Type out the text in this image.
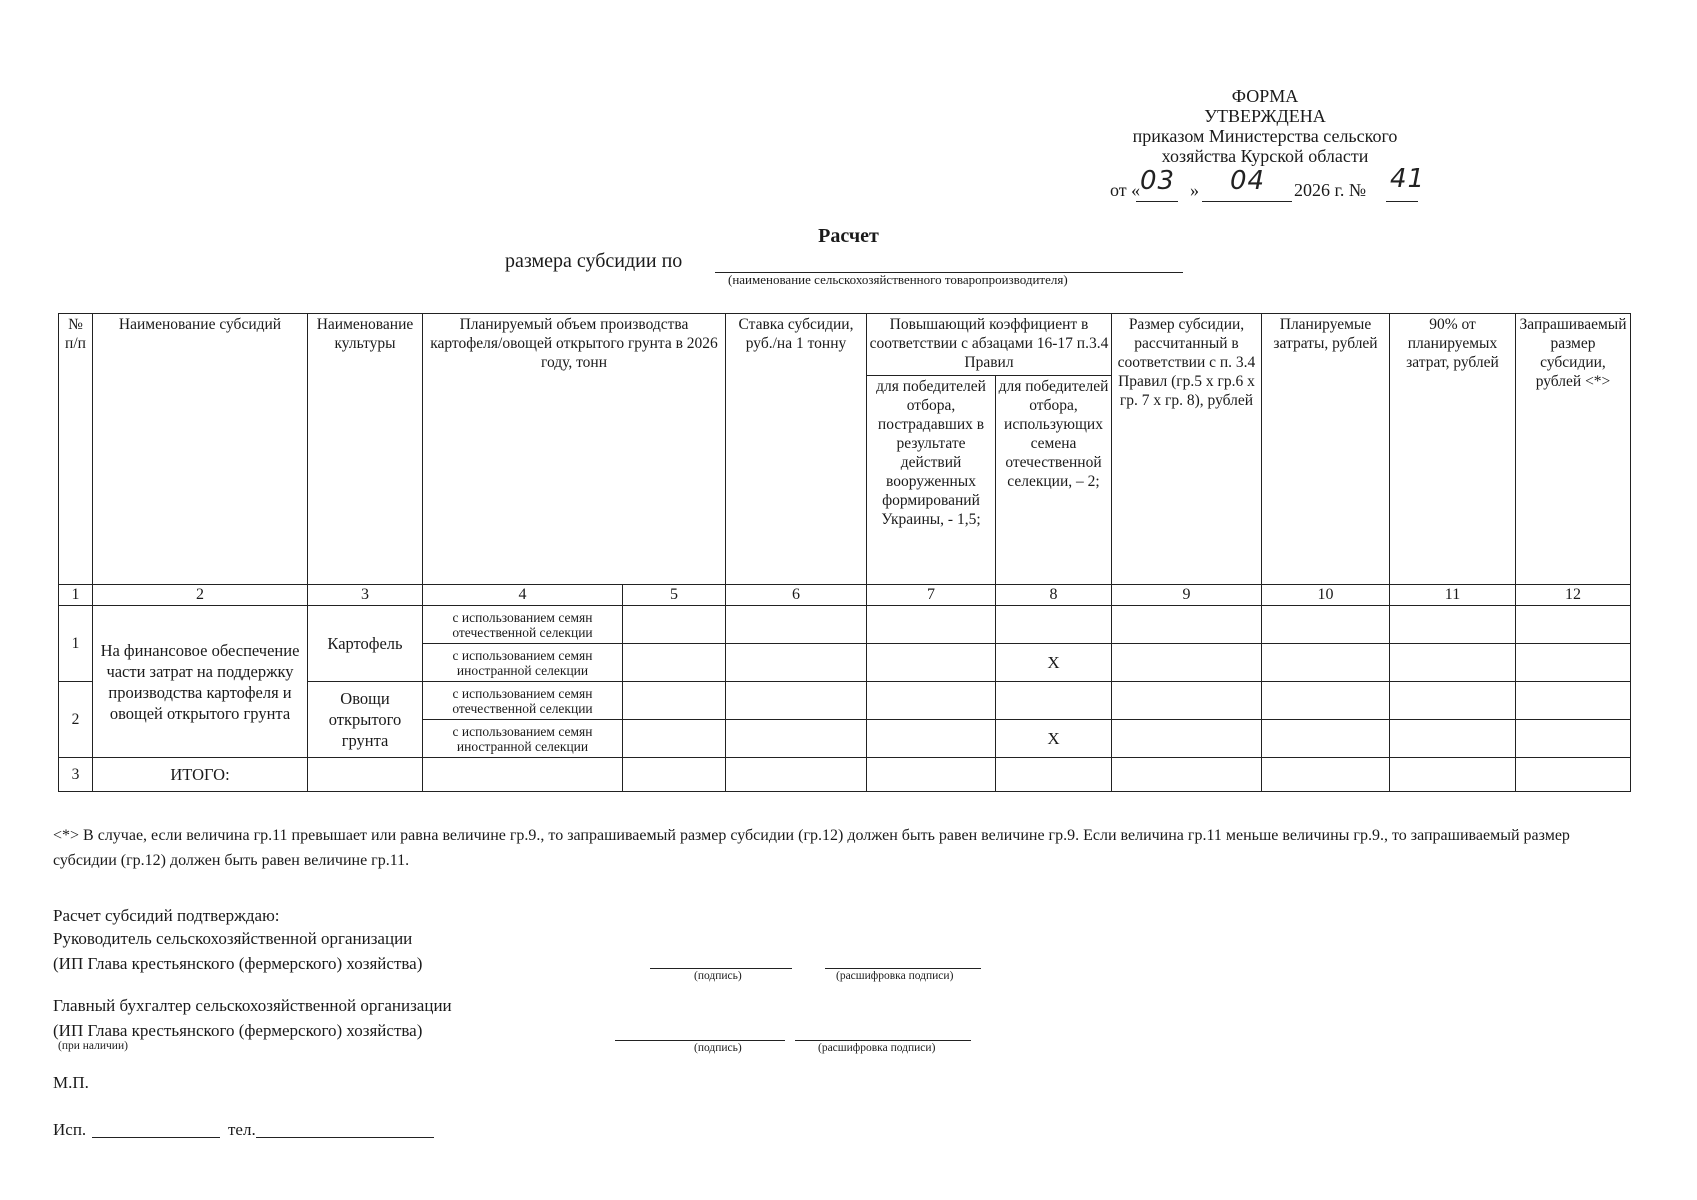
ФОРМА
УТВЕРЖДЕНА
приказом Министерства сельского
хозяйства Курской области
от « 03 » 04 2026 г. № 41
Расчет
размера субсидии по
(наименование сельскохозяйственного товаропроизводителя)
№ п/п	Наименование субсидий	Наименование культуры	Планируемый объем производства картофеля/овощей открытого грунта в 2026 году, тонн		Ставка субсидии, руб./на 1 тонну	Повышающий коэффициент в соответствии с абзацами 16-17 п.3.4 Правил		Размер субсидии, рассчитанный в соответствии с п. 3.4 Правил (гр.5 х гр.6 х гр. 7 х гр. 8), рублей	Планируемые затраты, рублей	90% от планируемых затрат, рублей	Запрашиваемый размер субсидии, рублей <*>
						для победителей отбора, пострадавших в результате действий вооруженных формирований Украины, - 1,5;	для победителей отбора, использующих семена отечественной селекции, – 2;				
1	2	3	4	5	6	7	8	9	10	11	12
1	На финансовое обеспечение части затрат на поддержку производства картофеля и овощей открытого грунта	Картофель	с использованием семян отечественной селекции								
			с использованием семян иностранной селекции				Х				
2		Овощи открытого грунта	с использованием семян отечественной селекции								
			с использованием семян иностранной селекции				Х				
3	ИТОГО:										
<*> В случае, если величина гр.11 превышает или равна величине гр.9., то запрашиваемый размер субсидии (гр.12) должен быть равен величине гр.9. Если величина гр.11 меньше величины гр.9., то запрашиваемый размер субсидии (гр.12) должен быть равен величине гр.11.
Расчет субсидий подтверждаю:
Руководитель сельскохозяйственной организации
(ИП Глава крестьянского (фермерского) хозяйства)
(подпись)	(расшифровка подписи)
Главный бухгалтер сельскохозяйственной организации
(ИП Глава крестьянского (фермерского) хозяйства)
(при наличии)	(подпись)	(расшифровка подписи)
М.П.
Исп.	тел.
